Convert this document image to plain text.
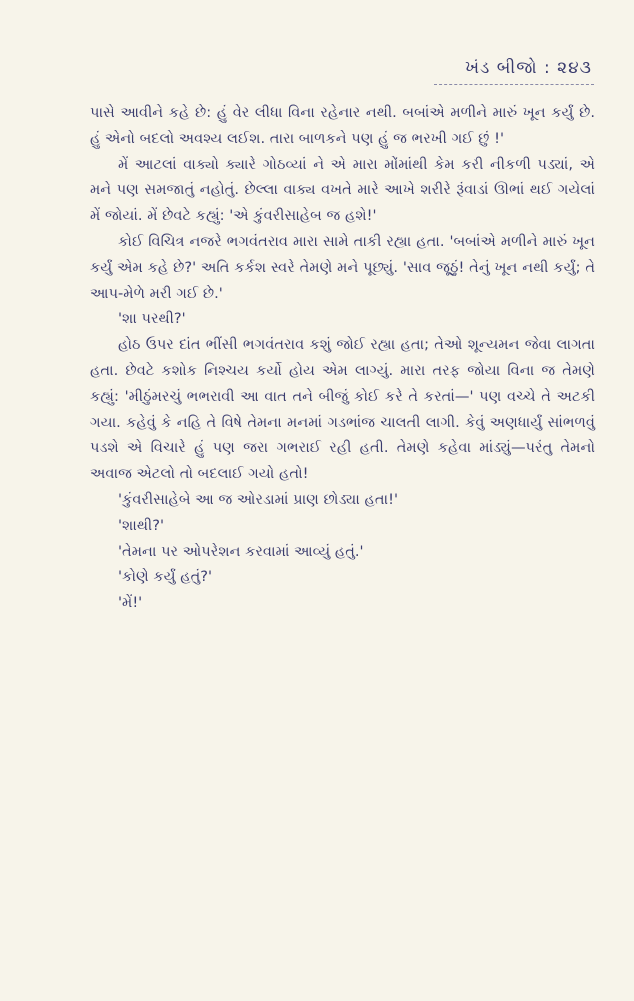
ખંડ બીજો : ૨૪૩

પાસે આવીને કહે છે: હું વેર લીધા વિના રહેનાર નથી. બબાંએ મળીને મારું ખૂન કર્યું છે. હું એનો બદલો અવશ્ય લઈશ. તારા બાળકને પણ હું જ ભરખી ગઈ છું !'

મેં આટલાં વાક્યો ક્યારે ગોઠવ્યાં ને એ મારા મોંમાંથી કેમ કરી નીકળી પડ્યાં, એ મને પણ સમજાતું નહોતું. છેલ્લા વાક્ય વખતે મારે આખે શરીરે રૂંવાડાં ઊભાં થઈ ગયેલાં મેં જોયાં. મેં છેવટે કહ્યું: 'એ કુંવરીસાહેબ જ હશે!'

કોઈ વિચિત્ર નજરે ભગવંતરાવ મારા સામે તાકી રહ્યા હતા. 'બબાંએ મળીને મારું ખૂન કર્યું એમ કહે છે?' અતિ કર્કશ સ્વરે તેમણે મને પૂછ્યું. 'સાવ જૂઠું! તેનું ખૂન નથી કર્યું; તે આપ-મેળે મરી ગઈ છે.'

'શા પરથી?'

હોઠ ઉપર દાંત ભીંસી ભગવંતરાવ કશું જોઈ રહ્યા હતા; તેઓ શૂન્યમન જેવા લાગતા હતા. છેવટે કશોક નિશ્ચય કર્યો હોય એમ લાગ્યું. મારા તરફ જોયા વિના જ તેમણે કહ્યું: 'મીઠુંમરચું ભભરાવી આ વાત તને બીજું કોઈ કરે તે કરતાં—' પણ વચ્ચે તે અટકી ગયા. કહેવું કે નહિ તે વિષે તેમના મનમાં ગડભાંજ ચાલતી લાગી. કેવું અણધાર્યું સાંભળવું પડશે એ વિચારે હું પણ જરા ગભરાઈ રહી હતી. તેમણે કહેવા માંડ્યું—પરંતુ તેમનો અવાજ એટલો તો બદલાઈ ગયો હતો!

'કુંવરીસાહેબે આ જ ઓરડામાં પ્રાણ છોડ્યા હતા!'

'શાથી?'

'તેમના પર ઓપરેશન કરવામાં આવ્યું હતું.'

'કોણે કર્યું હતું?'

'મેં!'
